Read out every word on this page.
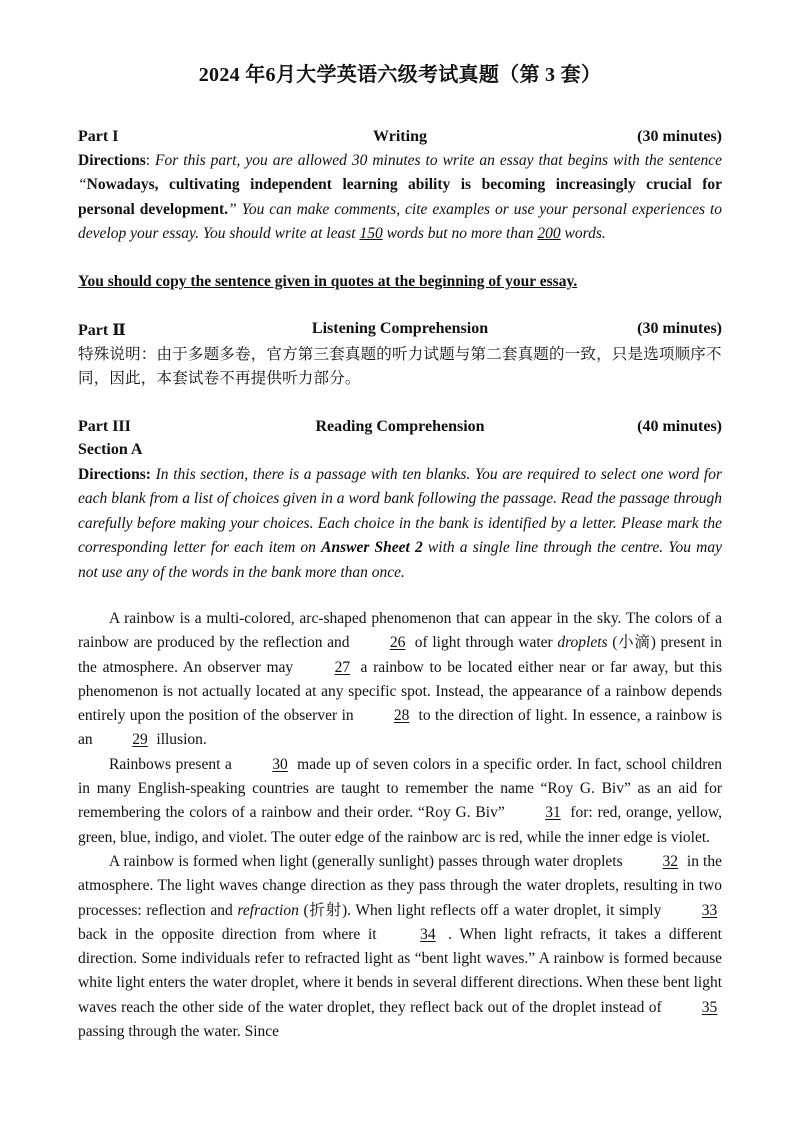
2024 年6月大学英语六级考试真题（第 3 套）
Part I	Writing	(30 minutes)
Directions: For this part, you are allowed 30 minutes to write an essay that begins with the sentence “Nowadays, cultivating independent learning ability is becoming increasingly crucial for personal development.” You can make comments, cite examples or use your personal experiences to develop your essay. You should write at least 150 words but no more than 200 words.
You should copy the sentence given in quotes at the beginning of your essay.
Part Ⅱ	Listening Comprehension	(30 minutes)
特殊说明：由于多题多卷，官方第三套真题的听力试题与第二套真题的一致，只是选项顺序不同，因此，本套试卷不再提供听力部分。
Part III	Reading Comprehension	(40 minutes)
Section A
Directions: In this section, there is a passage with ten blanks. You are required to select one word for each blank from a list of choices given in a word bank following the passage. Read the passage through carefully before making your choices. Each choice in the bank is identified by a letter. Please mark the corresponding letter for each item on Answer Sheet 2 with a single line through the centre. You may not use any of the words in the bank more than once.

A rainbow is a multi-colored, arc-shaped phenomenon that can appear in the sky. The colors of a rainbow are produced by the reflection and 26 of light through water droplets (小滴) present in the atmosphere. An observer may 27 a rainbow to be located either near or far away, but this phenomenon is not actually located at any specific spot. Instead, the appearance of a rainbow depends entirely upon the position of the observer in 28 to the direction of light. In essence, a rainbow is an 29 illusion.

Rainbows present a 30 made up of seven colors in a specific order. In fact, school children in many English-speaking countries are taught to remember the name “Roy G. Biv” as an aid for remembering the colors of a rainbow and their order. “Roy G. Biv” 31 for: red, orange, yellow, green, blue, indigo, and violet. The outer edge of the rainbow arc is red, while the inner edge is violet.

A rainbow is formed when light (generally sunlight) passes through water droplets 32 in the atmosphere. The light waves change direction as they pass through the water droplets, resulting in two processes: reflection and refraction (折射). When light reflects off a water droplet, it simply 33 back in the opposite direction from where it 34 . When light refracts, it takes a different direction. Some individuals refer to refracted light as “bent light waves.” A rainbow is formed because white light enters the water droplet, where it bends in several different directions. When these bent light waves reach the other side of the water droplet, they reflect back out of the droplet instead of 35 passing through the water. Since
